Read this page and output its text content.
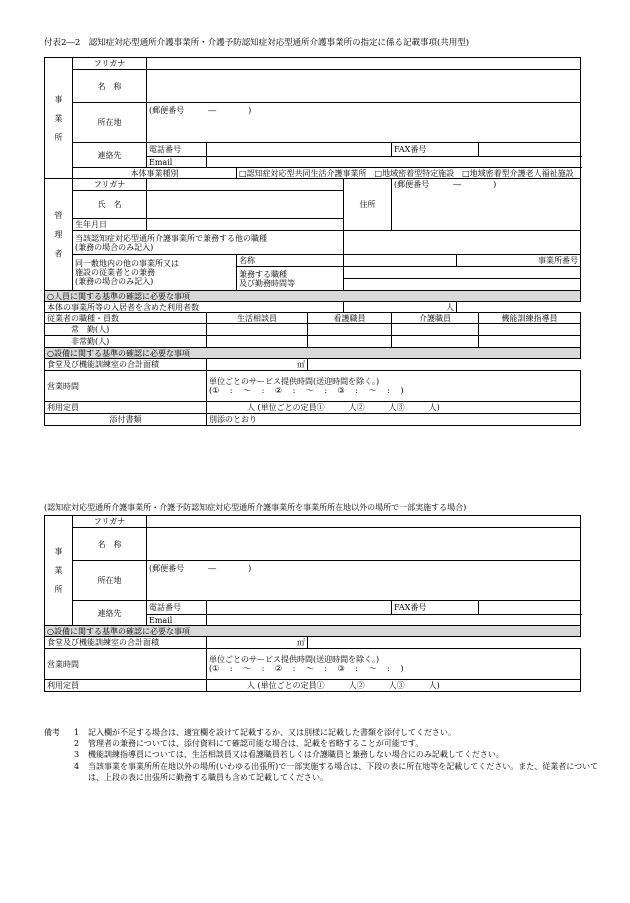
付表2―2　認知症対応型通所介護事業所・介護予防認知症対応型通所介護事業所の指定に係る記載事項(共用型)
事
業
所	フリガナ								
	名　称								
	所在地	(郵便番号　　　―　　　　)							
	連絡先	電話番号					FAX番号		
		Email							
	本体事業種別			□認知症対応型共同生活介護事業所　□地域密着型特定施設　□地域密着型介護老人福祉施設					

管
理
者	フリガナ					住所	(郵便番号　　　―　　　　)		
	氏　名								
	生年月日								

	当該認知症対応型通所介護事業所で兼務する他の職種
(兼務の場合のみ記入)								

	同一敷地内の他の事業所又は
施設の従業者との兼務
(兼務の場合のみ記入)			名称				事業所番号	

				兼務する職種
及び勤務時間等					

○人員に関する基準の確認に必要な事項									
本体の事業所等の入居者を含めた利用者数						人			
従業者の職種・員数			生活相談員		看護職員		介護職員		機能訓練指導員
常　勤(人)									
非常勤(人)									
○設備に関する基準の確認に必要な事項									
食堂及び機能訓練室の合計面積			㎡						
営業時間			単位ごとのサービス提供時間(送迎時間を除く。)
(①　 :　 ～　 :　 ②　 :　 ～　 :　 ③　 :　 ～　 :　 )						

利用定員			人 (単位ごとの定員①　　　人②　　　人③　　　人)						
添付書類			別添のとおり						
(認知症対応型通所介護事業所・介護予防認知症対応型通所介護事業所を事業所所在地以外の場所で一部実施する場合)
事
業
所	フリガナ					
	名　称					
	所在地	(郵便番号　　　―　　　　)				
	連絡先	電話番号			FAX番号	
		Email				
○設備に関する基準の確認に必要な事項						
食堂及び機能訓練室の合計面積			㎡			
営業時間			単位ごとのサービス提供時間(送迎時間を除く。)
(①　 :　 ～　 :　 ②　 :　 ～　 :　 ③　 :　 ～　 :　 )			

利用定員			人 (単位ごとの定員①　　　人②　　　人③　　　人)			
備考	1	記入欄が不足する場合は、適宜欄を設けて記載するか、又は別様に記載した書類を添付してください。
2	管理者の兼務については、添付資料にて確認可能な場合は、記載を省略することが可能です。
3	機能訓練指導員については、生活相談員又は看護職員若しくは介護職員と兼務しない場合にのみ記載してください。
4	当該事業を事業所所在地以外の場所(いわゆる出張所)で一部実施する場合は、下段の表に所在地等を記載してください。また、従業者については、上段の表に出張所に勤務する職員も含めて記載してください。
